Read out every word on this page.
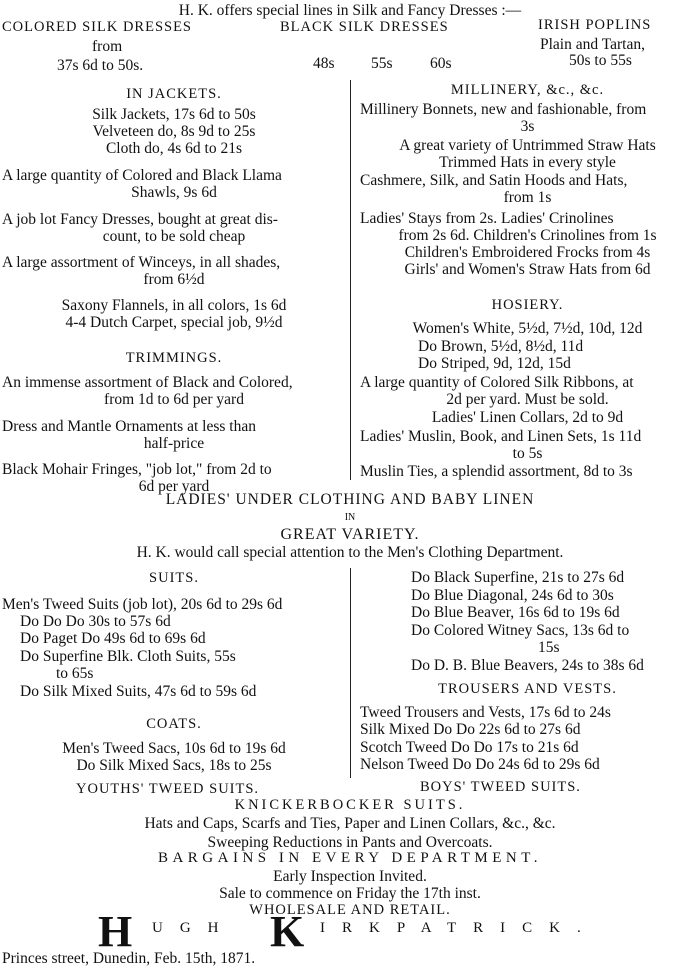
H. K. offers special lines in Silk and Fancy Dresses :—
COLORED SILK DRESSES
from
37s 6d to 50s.
BLACK SILK DRESSES
48s 55s 60s
IRISH POPLINS
Plain and Tartan,
50s to 55s
IN JACKETS.
Silk Jackets, 17s 6d to 50s
Velveteen do, 8s 9d to 25s
Cloth do, 4s 6d to 21s
A large quantity of Colored and Black Llama
Shawls, 9s 6d
A job lot Fancy Dresses, bought at great dis-
count, to be sold cheap
A large assortment of Winceys, in all shades,
from 6½d
Saxony Flannels, in all colors, 1s 6d
4-4 Dutch Carpet, special job, 9½d
TRIMMINGS.
An immense assortment of Black and Colored,
from 1d to 6d per yard
Dress and Mantle Ornaments at less than
half-price
Black Mohair Fringes, "job lot," from 2d to
6d per yard
MILLINERY, &c., &c.
Millinery Bonnets, new and fashionable, from
3s
A great variety of Untrimmed Straw Hats
Trimmed Hats in every style
Cashmere, Silk, and Satin Hoods and Hats,
from 1s
Ladies' Stays from 2s. Ladies' Crinolines
from 2s 6d. Children's Crinolines from 1s
Children's Embroidered Frocks from 4s
Girls' and Women's Straw Hats from 6d
HOSIERY.
Women's White, 5½d, 7½d, 10d, 12d
Do Brown, 5½d, 8½d, 11d
Do Striped, 9d, 12d, 15d
A large quantity of Colored Silk Ribbons, at
2d per yard. Must be sold.
Ladies' Linen Collars, 2d to 9d
Ladies' Muslin, Book, and Linen Sets, 1s 11d
to 5s
Muslin Ties, a splendid assortment, 8d to 3s
LADIES' UNDER CLOTHING AND BABY LINEN
IN
GREAT VARIETY.
H. K. would call special attention to the Men's Clothing Department.
SUITS.
Men's Tweed Suits (job lot), 20s 6d to 29s 6d
Do Do Do 30s to 57s 6d
Do Paget Do 49s 6d to 69s 6d
Do Superfine Blk. Cloth Suits, 55s
to 65s
Do Silk Mixed Suits, 47s 6d to 59s 6d
COATS.
Men's Tweed Sacs, 10s 6d to 19s 6d
Do Silk Mixed Sacs, 18s to 25s
Do Black Superfine, 21s to 27s 6d
Do Blue Diagonal, 24s 6d to 30s
Do Blue Beaver, 16s 6d to 19s 6d
Do Colored Witney Sacs, 13s 6d to
15s
Do D. B. Blue Beavers, 24s to 38s 6d
TROUSERS AND VESTS.
Tweed Trousers and Vests, 17s 6d to 24s
Silk Mixed Do Do 22s 6d to 27s 6d
Scotch Tweed Do Do 17s to 21s 6d
Nelson Tweed Do Do 24s 6d to 29s 6d
YOUTHS' TWEED SUITS.	BOYS' TWEED SUITS.
KNICKERBOCKER SUITS.
Hats and Caps, Scarfs and Ties, Paper and Linen Collars, &c., &c.
Sweeping Reductions in Pants and Overcoats.
BARGAINS IN EVERY DEPARTMENT.
Early Inspection Invited.
Sale to commence on Friday the 17th inst.
WHOLESALE AND RETAIL.
H UGH K IRKPATRICK.
Princes street, Dunedin, Feb. 15th, 1871.
